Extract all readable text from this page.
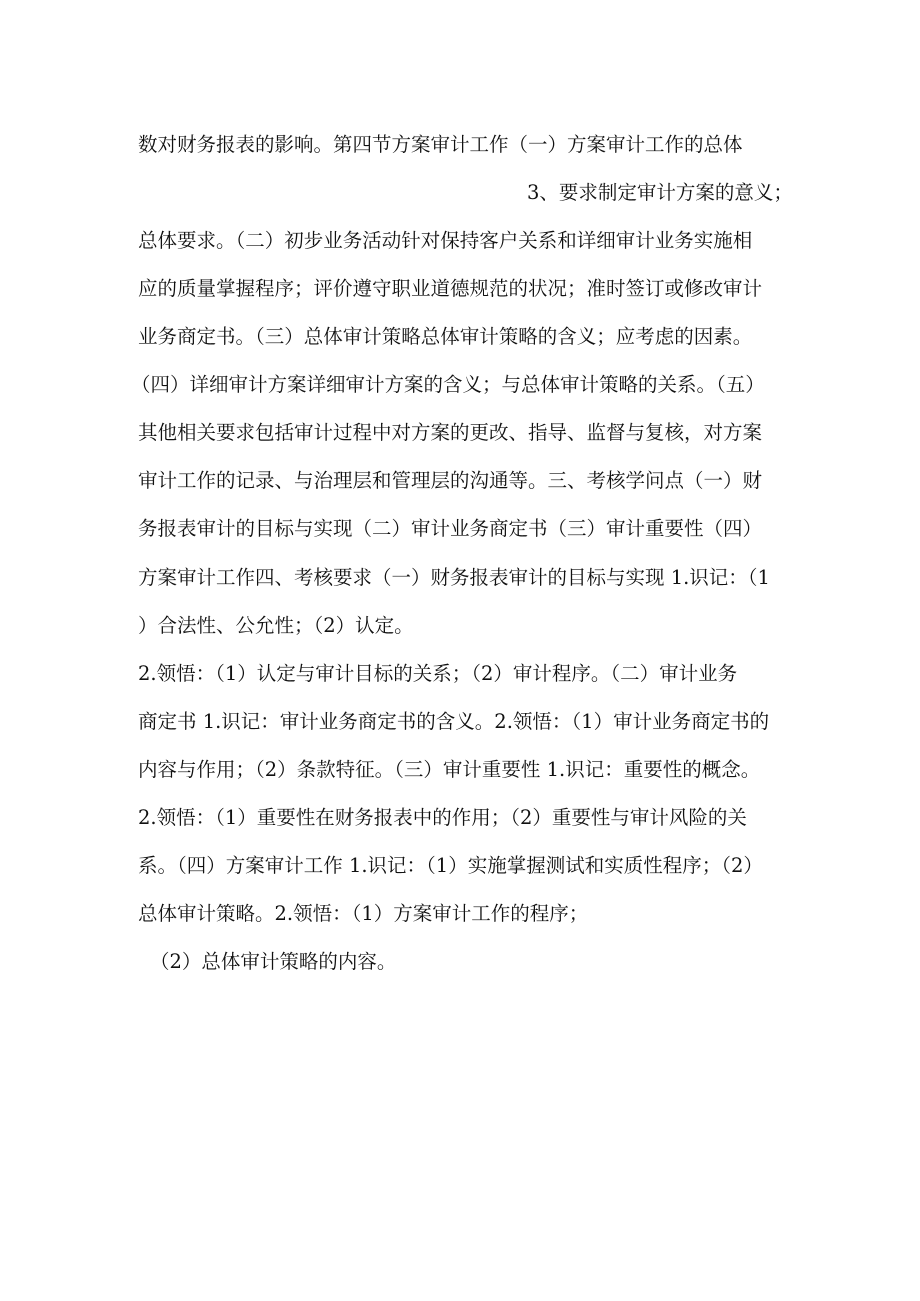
数对财务报表的影响。第四节方案审计工作（一）方案审计工作的总体
3、要求制定审计方案的意义；
总体要求。（二）初步业务活动针对保持客户关系和详细审计业务实施相
应的质量掌握程序；评价遵守职业道德规范的状况；准时签订或修改审计
业务商定书。（三）总体审计策略总体审计策略的含义；应考虑的因素。
（四）详细审计方案详细审计方案的含义；与总体审计策略的关系。（五）
其他相关要求包括审计过程中对方案的更改、指导、监督与复核，对方案
审计工作的记录、与治理层和管理层的沟通等。三、考核学问点（一）财
务报表审计的目标与实现（二）审计业务商定书（三）审计重要性（四）
方案审计工作四、考核要求（一）财务报表审计的目标与实现 1.识记：（1
）合法性、公允性；（2）认定。
2.领悟：（1）认定与审计目标的关系；（2）审计程序。（二）审计业务
商定书 1.识记：审计业务商定书的含义。2.领悟：（1）审计业务商定书的
内容与作用；（2）条款特征。（三）审计重要性 1.识记：重要性的概念。
2.领悟：（1）重要性在财务报表中的作用；（2）重要性与审计风险的关
系。（四）方案审计工作 1.识记：（1）实施掌握测试和实质性程序；（2）
总体审计策略。2.领悟：（1）方案审计工作的程序；
（2）总体审计策略的内容。
